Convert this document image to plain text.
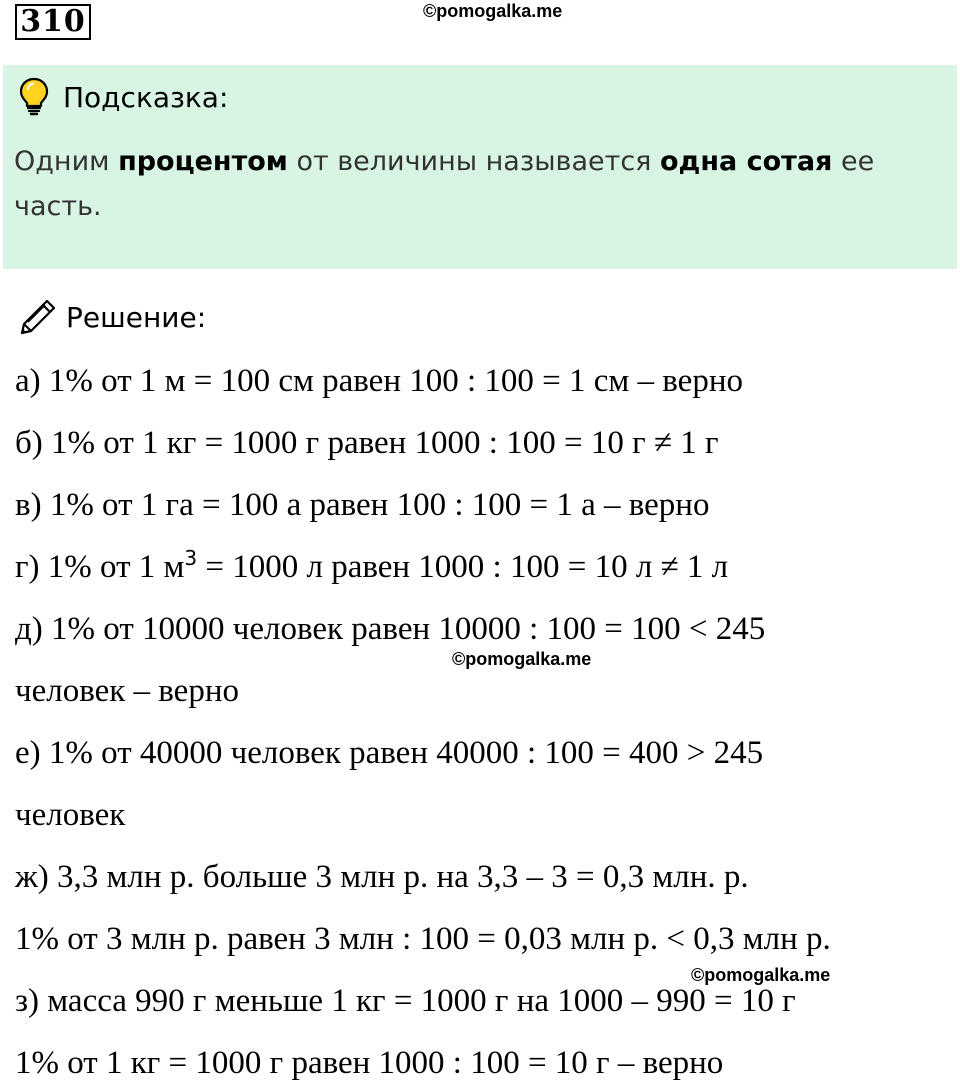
310	©pomogalka.me
Подсказка:
Одним процентом от величины называется одна сотая ее часть.
Решение:
а) 1% от 1 м = 100 см равен 100 : 100 = 1 см – верно
б) 1% от 1 кг = 1000 г равен 1000 : 100 = 10 г ≠ 1 г
в) 1% от 1 га = 100 а равен 100 : 100 = 1 а – верно
г) 1% от 1 $м^3 = 1000$ л равен 1000 : 100 = 10 л ≠ 1 л
д) 1% от 10000 человек равен 10000 : 100 = 100 < 245
©pomogalka.me
человек – верно
е) 1% от 40000 человек равен 40000 : 100 = 400 > 245
человек
ж) 3,3 млн р. больше 3 млн р. на 3,3 – 3 = 0,3 млн. р.
1% от 3 млн р. равен 3 млн : 100 = 0,03 млн р. < 0,3 млн р.
©pomogalka.me
з) масса 990 г меньше 1 кг = 1000 г на 1000 – 990 = 10 г
1% от 1 кг = 1000 г равен 1000 : 100 = 10 г – верно
